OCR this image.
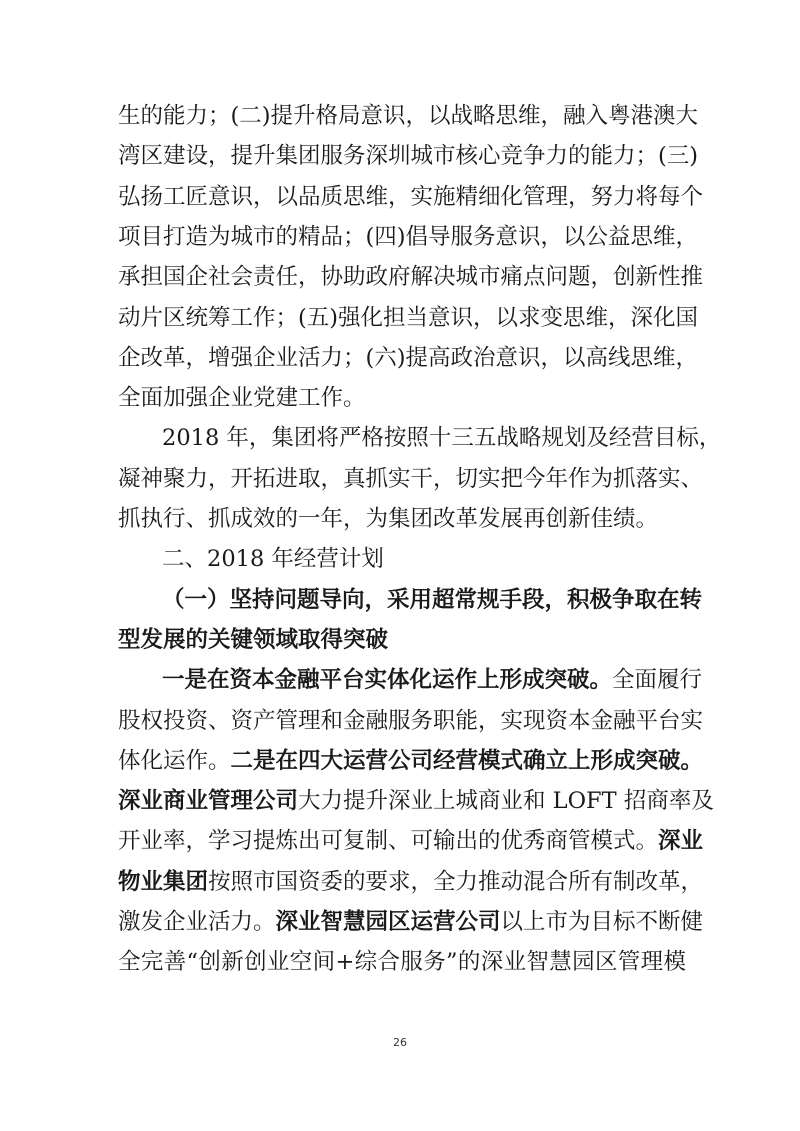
生的能力；(二)提升格局意识，以战略思维，融入粤港澳大
湾区建设，提升集团服务深圳城市核心竞争力的能力；(三)
弘扬工匠意识，以品质思维，实施精细化管理，努力将每个
项目打造为城市的精品；(四)倡导服务意识，以公益思维，
承担国企社会责任，协助政府解决城市痛点问题，创新性推
动片区统筹工作；(五)强化担当意识，以求变思维，深化国
企改革，增强企业活力；(六)提高政治意识，以高线思维，
全面加强企业党建工作。
2018 年，集团将严格按照十三五战略规划及经营目标，
凝神聚力，开拓进取，真抓实干，切实把今年作为抓落实、
抓执行、抓成效的一年，为集团改革发展再创新佳绩。
二、2018 年经营计划
（一）坚持问题导向，采用超常规手段，积极争取在转
型发展的关键领域取得突破
一是在资本金融平台实体化运作上形成突破。全面履行
股权投资、资产管理和金融服务职能，实现资本金融平台实
体化运作。二是在四大运营公司经营模式确立上形成突破。
深业商业管理公司大力提升深业上城商业和 LOFT 招商率及
开业率，学习提炼出可复制、可输出的优秀商管模式。深业
物业集团按照市国资委的要求，全力推动混合所有制改革，
激发企业活力。深业智慧园区运营公司以上市为目标不断健
全完善“创新创业空间+综合服务”的深业智慧园区管理模
26
